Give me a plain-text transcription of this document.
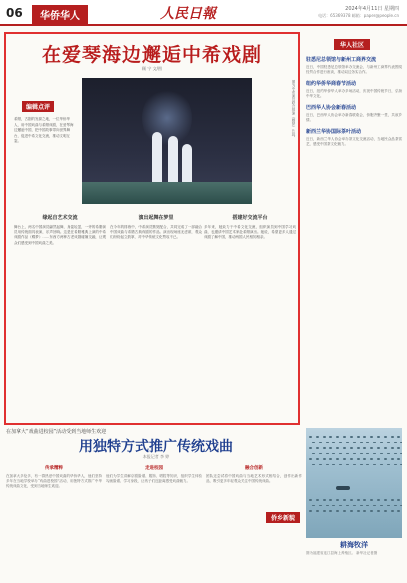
06	华侨华人	人民日報	2024年4月11日 星期四
电话：65369378 邮箱：paper@people.cn
在爱琴海边邂逅中希戏剧
顾 宁 文/图
编辑点评
希腊，古剧的发源之地，一位华侨华人，用中国戏曲与希腊戏剧，在爱琴海边邂逅中国，把中国故事带向世界舞台，促进中希文化交流，推动文明互鉴。
图为中希演员联合排演《蝶梦》片段。
缘起自艺术交流
舞台上，两名中国演员翩然起舞，身姿轻盈，一旁的希腊演员用传统面具表演，乐声回响。这是在希腊雅典上演的中希戏剧作品《蝶梦》……东西方两种古老戏剧碰撞交融，让观众们感受到中国戏曲之美。
演出起舞在梦里
在今年的排练中，中希演员默契配合，共同完成了一部融合中国戏曲与希腊古典戏剧的作品。演出现场座无虚席，观众们纷纷起立鼓掌，对中华传统文化赞叹不已。
搭建好交流平台
多年来，她致力于中希文化交流，组织演员到中国学习戏曲，也邀请中国艺术家赴希腊演出。她说，希望更多人通过戏剧了解中国，推动两国人民相知相亲。
华人社区
驻悉尼总领馆与新州工商界交流
近日，中国驻悉尼总领馆举办交流会，与新州工商界代表围绕经贸合作进行座谈，推动双边务实合作。
纽约华侨华商春节活动
近日，纽约华侨华人举办多场活动，庆祝中国传统节日，弘扬中华文化。
巴西华人协会新春活动
近日，巴西华人协会举办新春联欢会，侨胞齐聚一堂，共叙乡情。
新西兰华协国际茶叶活动
近日，新西兰华人协会举办茶文化交流活动，当地民众品茶赏艺，感受中国茶文化魅力。
在加拿大“戏曲进校园”活动受到当地师生欢迎
用独特方式推广传统戏曲
本报记者 李 婷
传承精粹
在加拿大多伦多，有一群热爱中国戏曲的华侨华人，他们坚持多年在当地学校举办“戏曲进校园”活动，用独特方式推广中华传统戏曲文化，受到当地师生欢迎。
走进校园
他们为学生讲解京剧脸谱、服饰、唱腔等知识，组织学生体验勾画脸谱、学习身段，让孩子们近距离感受戏曲魅力。
融合创新
团队还尝试将中国戏曲与当地艺术形式相结合，创作出新作品，吸引更多年轻观众关注中国传统戏曲。
侨乡新貌
耕海牧洋
图为福建省连江县海上养殖区。 新华社记者摄
